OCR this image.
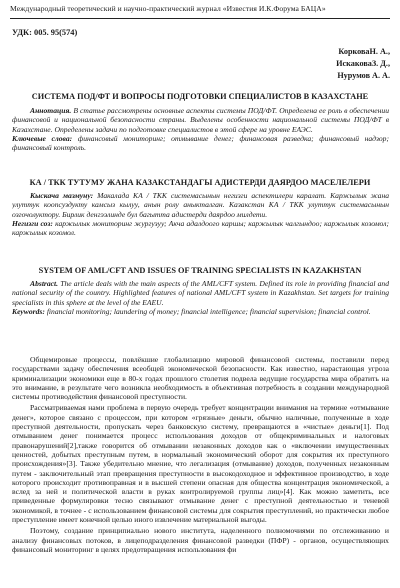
Международный теоретический и научно-практический журнал «Известия И.К.Форума БАЦА»
УДК: 005. 95(574)
КорковаН. А.,
ИскаковаЗ. Д.,
Нурумов А. А.
СИСТЕМА ПОД/ФТ И ВОПРОСЫ ПОДГОТОВКИ СПЕЦИАЛИСТОВ В КАЗАХСТАНЕ
Аннотация. В статье рассмотрены основные аспекты системы ПОД/ФТ. Определена ее роль в обеспечении финансовой и национальной безопасности страны. Выделены особенности национальной системы ПОД/ФТ в Казахстане. Определены задачи по подготовке специалистов в этой сфере на уровне ЕАЭС.
Ключевые слова: финансовый мониторинг; отмывание денег; финансовая разведка; финансовый надзор; финансовый контроль.
КА / ТКК ТУТУМУ ЖАНА КАЗАКСТАНДАГЫ АДИСТЕРДИ ДАЯРДОО МАСЕЛЕЛЕРИ
Кыскача мазмуну: Макалада КА / ТКК системасынын негизги аспектилери каралат. Каржылык жана улуттук коопсуздукту камсыз кылуу, анын ролу аныкталган. Казакстан КА / ТКК улуттук системасынын озгочолуктору. Бирлик денгээлинде бул багытта адистерди даярдоо милдети.
Негизги соз: каржылык мониторинг жургузуу; Акча адалдоого каршы; каржылык чалгындоо; каржылык козомол; каржылык козомол.
SYSTEM OF AML/CFT AND ISSUES OF TRAINING SPECIALISTS IN KAZAKHSTAN
Abstract. The article deals with the main aspects of the AML/CFT system. Defined its role in providing financial and national security of the country. Highlighted features of national AML/CFT system in Kazakhstan. Set targets for training specialists in this sphere at the level of the EAEU.
Keywords: financial monitoring; laundering of money; financial intelligence; financial supervision; financial control.

Общемировые процессы, повлёкшие глобализацию мировой финансовой системы, поставили перед государствами задачу обеспечения всеобщей экономической безопасности. Как известно, нарастающая угроза криминализации экономики еще в 80-х годах прошлого столетия подвела ведущие государства мира обратить на это внимание, в результате чего возникла необходимость в объективная потребность в создании международной системы противодействия финансовой преступности.

Рассматриваемая нами проблема в первую очередь требует концентрации внимания на термине «отмывание денег», которое связано с процессом, при котором «грязные» деньги, обычно наличные, полученные в ходе преступной деятельности, пропускать через банковскую систему, превращаются в «чистые» деньги[1]. Под отмыванием денег понимается процесс использования доходов от общекриминальных и налоговых правонарушений[2],также говорится об отмывании незаконных доходов как о «включении имущественных ценностей, добытых преступным путем, в нормальный экономический оборот для сокрытия их преступного происхождения»[3]. Также убедительно мнение, что легализация (отмывание) доходов, полученных незаконным путем - заключительный этап превращения преступности в высокодоходное и эффективное производство, в ходе которого происходит противоправная и в высшей степени опасная для общества концентрация экономической, а вслед за ней и политической власти в руках контролируемой группы лиц»[4]. Как можно заметить, все приведенные формулировки тесно связывают отмывание денег с преступной деятельностью и теневой экономикой, в точнее - с использованием финансовой системы для сокрытия преступлений, но практически любое преступление имеет конечной целью иного извлечение материальной выгоды.

Поэтому, создание принципиально нового института, наделенного полномочиями по отслеживанию и анализу финансовых потоков, в лицеподразделения финансовой разведки (ПФР) - органов, осуществляющих финансовый мониторинг в целях предотвращения использования фи
